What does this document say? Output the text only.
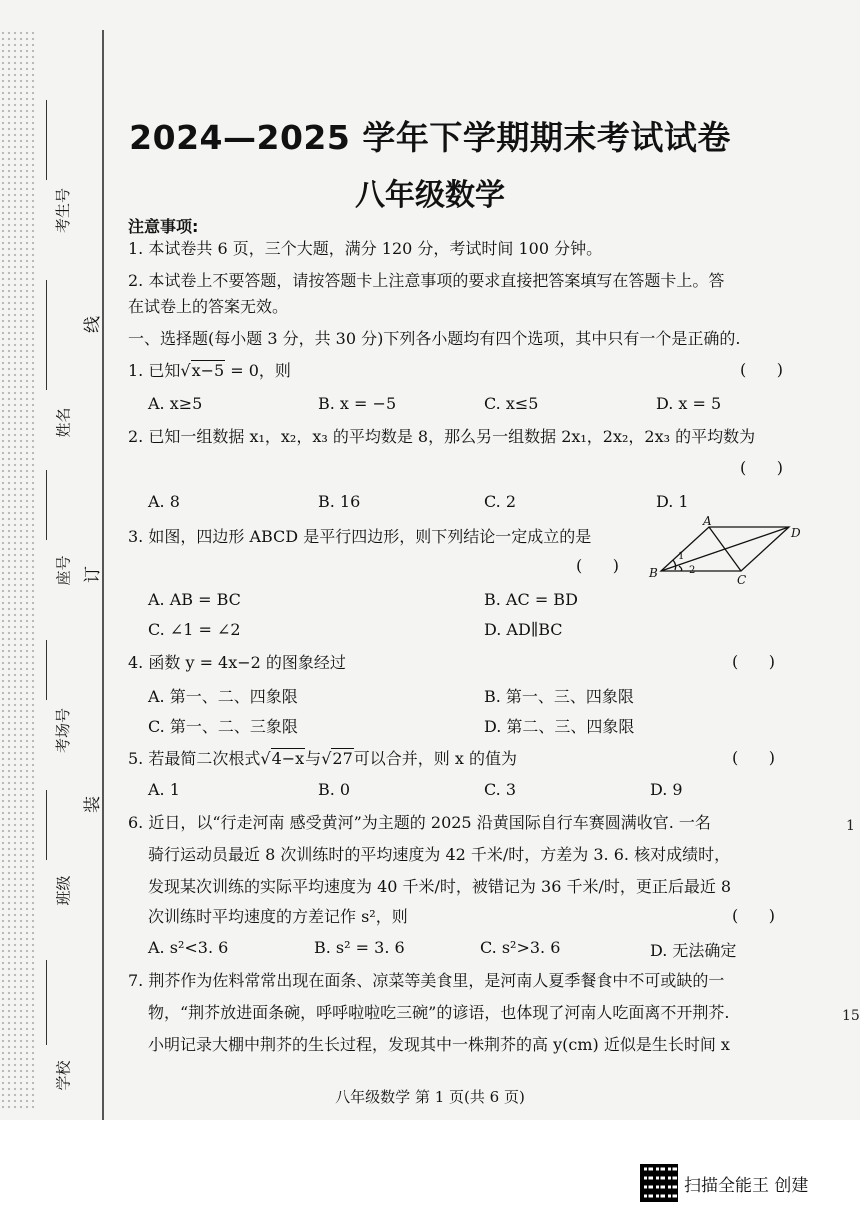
考生号
姓名
座号
考场号
班级
学校
线
订
装
2024—2025 学年下学期期末考试试卷
八年级数学
注意事项:
1. 本试卷共 6 页，三个大题，满分 120 分，考试时间 100 分钟。
2. 本试卷上不要答题，请按答题卡上注意事项的要求直接把答案填写在答题卡上。答
在试卷上的答案无效。
一、选择题(每小题 3 分，共 30 分)下列各小题均有四个选项，其中只有一个是正确的.
1. 已知√x−5 = 0，则	(      )
A. x≥5	B. x = −5	C. x≤5	D. x = 5
2. 已知一组数据 x₁，x₂，x₃ 的平均数是 8，那么另一组数据 2x₁，2x₂，2x₃ 的平均数为
(      )
A. 8	B. 16	C. 2	D. 1
3. 如图，四边形 ABCD 是平行四边形，则下列结论一定成立的是
(      )
A
B	C
D
1
2
A. AB = BC	B. AC = BD
C. ∠1 = ∠2	D. AD∥BC
4. 函数 y = 4x−2 的图象经过	(      )
A. 第一、二、四象限	B. 第一、三、四象限
C. 第一、二、三象限	D. 第二、三、四象限
5. 若最简二次根式√4−x与√27可以合并，则 x 的值为	(      )
A. 1	B. 0	C. 3	D. 9
6. 近日，以“行走河南 感受黄河”为主题的 2025 沿黄国际自行车赛圆满收官. 一名
骑行运动员最近 8 次训练时的平均速度为 42 千米/时，方差为 3. 6. 核对成绩时，
发现某次训练的实际平均速度为 40 千米/时，被错记为 36 千米/时，更正后最近 8
次训练时平均速度的方差记作 s²，则	(      )
A. s²<3. 6	B. s² = 3. 6	C. s²>3. 6	D. 无法确定
7. 荆芥作为佐料常常出现在面条、凉菜等美食里，是河南人夏季餐食中不可或缺的一
物，“荆芥放进面条碗，呼呼啦啦吃三碗”的谚语，也体现了河南人吃面离不开荆芥.
小明记录大棚中荆芥的生长过程，发现其中一株荆芥的高 y(cm) 近似是生长时间 x
1
15
八年级数学 第 1 页(共 6 页)
扫描全能王 创建
